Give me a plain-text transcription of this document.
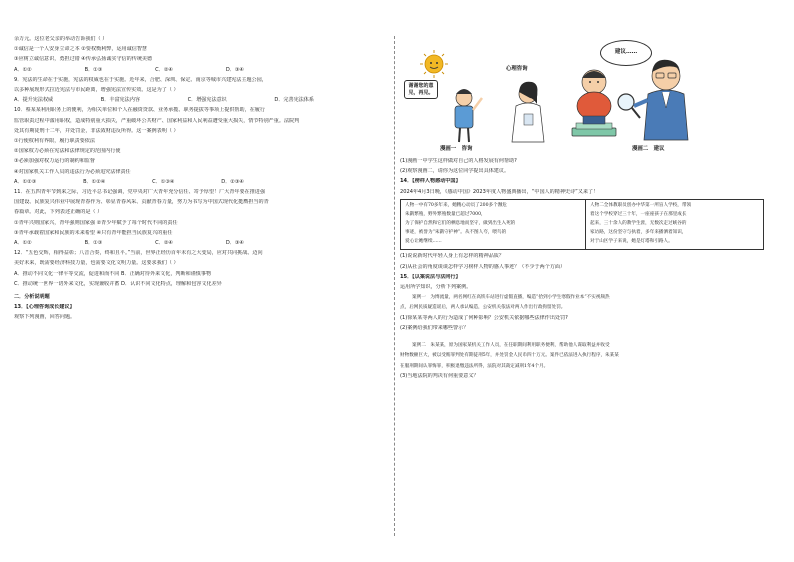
余万元。这位老父亲的举动告诉我们（ ）
①诚信是一个人安身立命之本 ②要权衡利弊，运用诚信智慧
③应树立诚信意识，勇担过错 ④传承弘扬诚实守信的传统美德
A．①②	B．①③	C．②④	D．③④
9．宪法的生命在于实施，宪法的权威也在于实施。近年来，合肥、深圳、保定、南京等城市兴建宪法主题公园，
以多种展现形式拉近宪法与市民距离，增强宪法宣传实效。这是为了（ ）
A．提升宪法权威	B．丰富宪法内容	C．增强宪法意识	D．完善宪法体系
10．蔡某某利用职务上的便利，为相关单位和个人在融资贷款、业务承揽、职务提拔等事项上提供帮助，在履行
监管职责过程中滥用职权，造成特别重大损失，严重破坏公共财产、国家利益和人民利益遭受重大损失，情节特别严重。法院判
处其有期徒刑十二年，并处罚金，非法敛财违反所得。这一案例表明（ ）
①行使权利有界限，履行职责要依法
②国家权力必须在宪法和法律规定的范围内行使
③必须加强对权力运行的制约和监督
④对国家机关工作人员的违法行为必须追究法律责任
A．①②③	B．①②④	C．①③④	D．②③④
11．在五四青年节到来之际，习近平总书记强调，党中央对广大青年充分信任、寄予厚望！广大青年要在推进强
国建设、民族复兴伟业中展现青春作为、彰显青春风采、贡献青春力量，努力为书写为中国式现代化挺膺担当的青
春篇章。对此，下列表述正确的是（ ）
①青年兴则国家兴，青年强则国家强 ②青少年赋予了每个时代不同的责任
③青年承载着国家和民族的未来希望 ④只有青年能担当民族复兴的重任
A．①②	B．①③	C．②④	D．③④
12．“五色交辉，相得益彰；八音合奏，终和且平。”当前，世界正经历百年未有之大变局，应对共同挑战、迈向
美好未来，既需要经济科技力量，也需要文化文明力量。这要求我们（ ）
A．推动不同文化一律平等交流，促进和而不同 B．正确对待外来文化，判断和谨慎事物
C．推动统一世界一切外来文化，实现兼收并蓄 D．认识不同文化特点，理解和包容文化差异
二．分析说明题
13．【心理咨询成长建议】
观察下列漫画，回答问题。
谢谢您的意见，再见。
心理咨询
漫画一　咨询
建议……
漫画二　建议
(1)漫画一中学生这样做对自己的人格发展有何帮助?
(2)观察漫画二，请你为这位同学提出具体建议。
14．【榜样人物感动中国】
2024年4月3日晚，《感动中国》2023年度人物盛典播出，“中国人的精神史诗”又来了！
人物一中有70多年来，她精心动员了200多个濒危
朱鹮繁殖，野外繁殖数量已超过7000，
为了保护自然和它们的栖息地而坚守，做到出生入死的
事迹，被誉为“朱鹮守护神”。从不图人夸，喂鸟的
爱心让她继续……
人物二全体教职员创办中华第一所盲人学校，带领
着这个学校穿过三十年，一座座孩子在那里成长
起来，三十余人的教学生涯，无数次走过峡谷的
家访路，这份坚守与执着，多年来播洒着知识，
对于山区学子来说，她是灯塔和引路人。
(1)说说新时代年轻人身上有怎样的精神品质？
(2)从社会的角度谈谈怎样学习榜样人物的感人事迹？（不少于两个方面）
15．【以案说法与法同行】
运用所学知识，分析下列案例。
案例一　为博流量，两名网红在高铁车站进行虚假直播，编造“拾到小学生寒假作业本”不实视频热
点，后网民质疑造谣后，两人承认编造，公安机关依法对两人作出行政拘留处罚。
(1)徐某某等两人的行为造成了何种影响？公安机关依据哪些法律作出处罚?
(2)案例给我们带来哪些警示？
案例二　朱某某，原为国家某机关工作人员，在任职期间利用职务便利，帮助他人谋取利益并收受
财物数额巨大，被以受贿罪判处有期徒刑5年，并处罚金人民币四十万元。案件已依法进入执行程序，朱某某
在服刑期间认罪悔罪，积极退缴违法所得，法院对其裁定减刑1年4个月。
(3)当地法院的判决有何重要意义？
